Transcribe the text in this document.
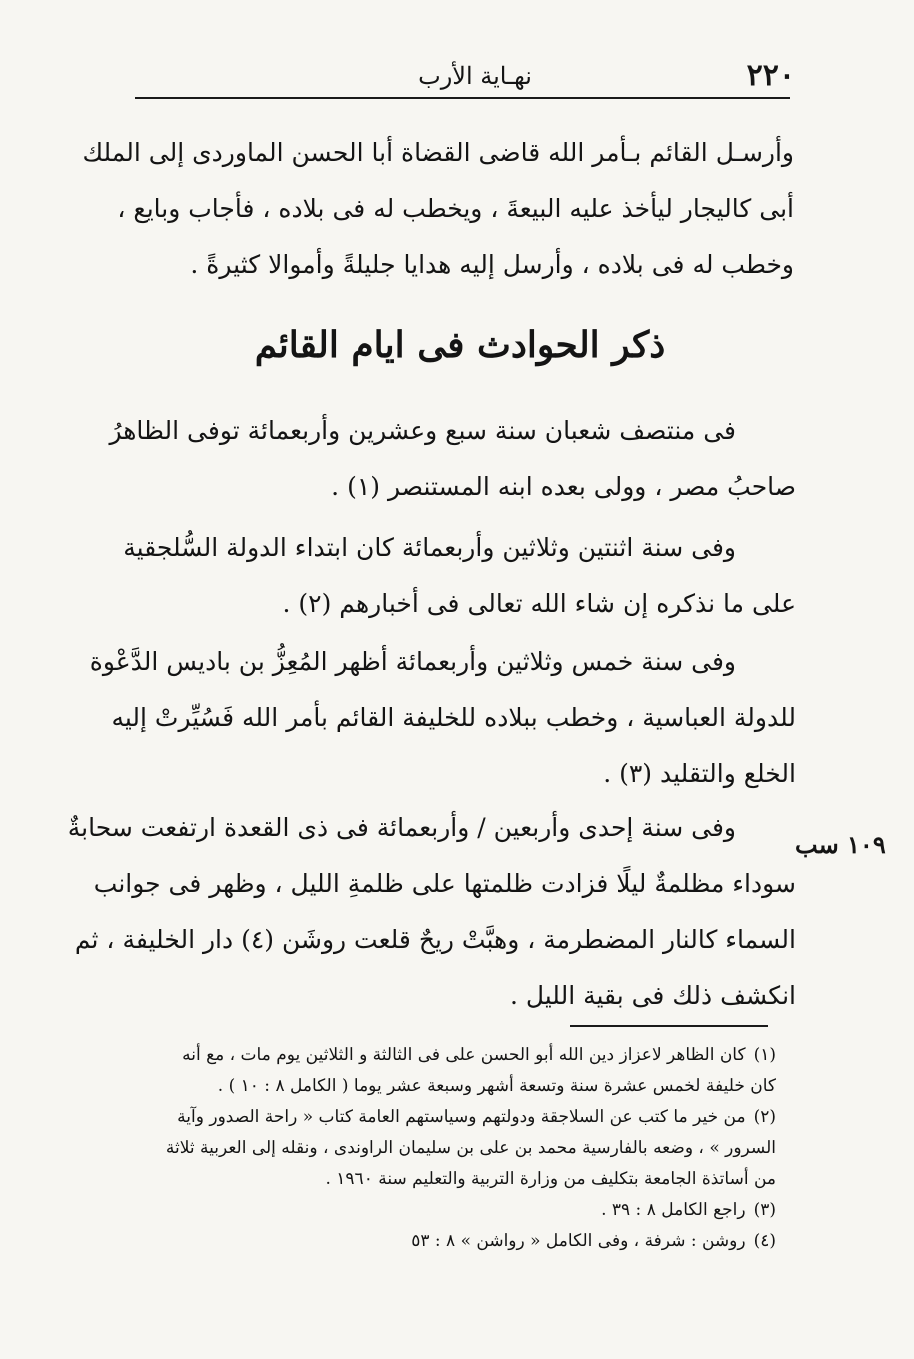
٢٢٠
نهـاية الأرب
وأرسـل القائم بـأمر الله قاضى القضاة أبا الحسن الماوردى إلى الملك
أبى كاليجار ليأخذ عليه البيعةَ ، ويخطب له فى بلاده ، فأجاب وبايع ،
وخطب له فى بلاده ، وأرسل إليه هدايا جليلةً وأموالا كثيرةً .
ذكر الحوادث فى ايام القائم
فى منتصف شعبان سنة سبع وعشرين وأربعمائة توفى الظاهرُ
صاحبُ مصر ، وولى بعده ابنه المستنصر (١) .
وفى سنة اثنتين وثلاثين وأربعمائة كان ابتداء الدولة السُّلجقية
على ما نذكره إن شاء الله تعالى فى أخبارهم (٢) .
وفى سنة خمس وثلاثين وأربعمائة أظهر المُعِزُّ بن باديس الدَّعْوة
للدولة العباسية ، وخطب ببلاده للخليفة القائم بأمر الله فَسُيِّرتْ إليه
الخلع والتقليد (٣) .
وفى سنة إحدى وأربعين / وأربعمائة فى ذى القعدة ارتفعت سحابةٌ
سوداء مظلمةٌ ليلًا فزادت ظلمتها على ظلمةِ الليل ، وظهر فى جوانب
السماء كالنار المضطرمة ، وهبَّتْ ريحٌ قلعت روشَن (٤) دار الخليفة ، ثم
انكشف ذلك فى بقية الليل .
١٠٩ سب
(١)كان الظاهر لاعزاز دين الله أبو الحسن على فى الثالثة و الثلاثين يوم مات ، مع أنه
كان خليفة لخمس عشرة سنة وتسعة أشهر وسبعة عشر يوما ( الكامل ٨ : ١٠ ) .
(٢)من خير ما كتب عن السلاجقة ودولتهم وسياستهم العامة كتاب « راحة الصدور وآية
السرور » ، وضعه بالفارسية محمد بن على بن سليمان الراوندى ، ونقله إلى العربية ثلاثة
من أساتذة الجامعة بتكليف من وزارة التربية والتعليم سنة ١٩٦٠ .
(٣)راجع الكامل ٨ : ٣٩ .
(٤)روشن : شرفة ، وفى الكامل « رواشن » ٨ : ٥٣
